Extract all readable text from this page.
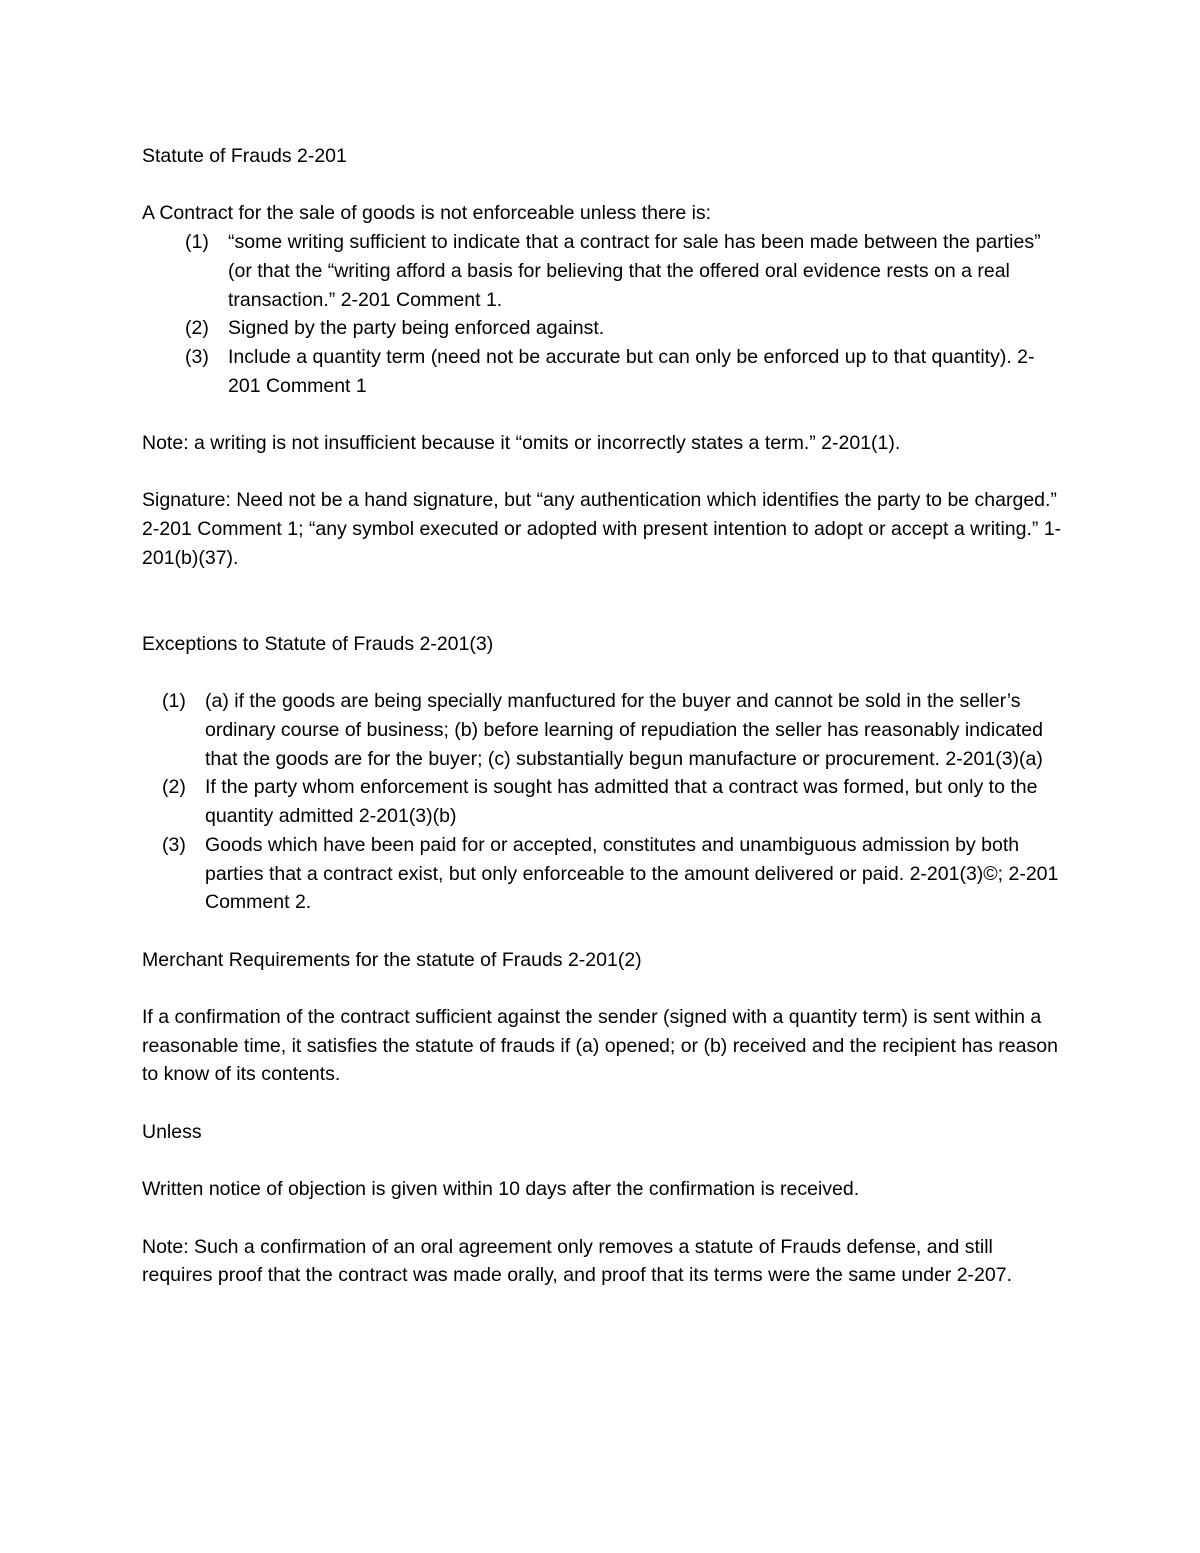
Statute of Frauds 2-201

A Contract for the sale of goods is not enforceable unless there is:

(1) “some writing sufficient to indicate that a contract for sale has been made between the parties” (or that the “writing afford a basis for believing that the offered oral evidence rests on a real transaction.” 2-201 Comment 1.
(2) Signed by the party being enforced against.
(3) Include a quantity term (need not be accurate but can only be enforced up to that quantity). 2-201 Comment 1

Note: a writing is not insufficient because it “omits or incorrectly states a term.” 2-201(1).

Signature: Need not be a hand signature, but “any authentication which identifies the party to be charged.” 2-201 Comment 1; “any symbol executed or adopted with present intention to adopt or accept a writing.” 1-201(b)(37).

Exceptions to Statute of Frauds 2-201(3)

(1) (a) if the goods are being specially manfuctured for the buyer and cannot be sold in the seller’s ordinary course of business; (b) before learning of repudiation the seller has reasonably indicated that the goods are for the buyer; (c) substantially begun manufacture or procurement. 2-201(3)(a)
(2) If the party whom enforcement is sought has admitted that a contract was formed, but only to the quantity admitted 2-201(3)(b)
(3) Goods which have been paid for or accepted, constitutes and unambiguous admission by both parties that a contract exist, but only enforceable to the amount delivered or paid. 2-201(3)©; 2-201 Comment 2.

Merchant Requirements for the statute of Frauds 2-201(2)

If a confirmation of the contract sufficient against the sender (signed with a quantity term) is sent within a reasonable time, it satisfies the statute of frauds if (a) opened; or (b) received and the recipient has reason to know of its contents.

Unless

Written notice of objection is given within 10 days after the confirmation is received.

Note: Such a confirmation of an oral agreement only removes a statute of Frauds defense, and still requires proof that the contract was made orally, and proof that its terms were the same under 2-207.
